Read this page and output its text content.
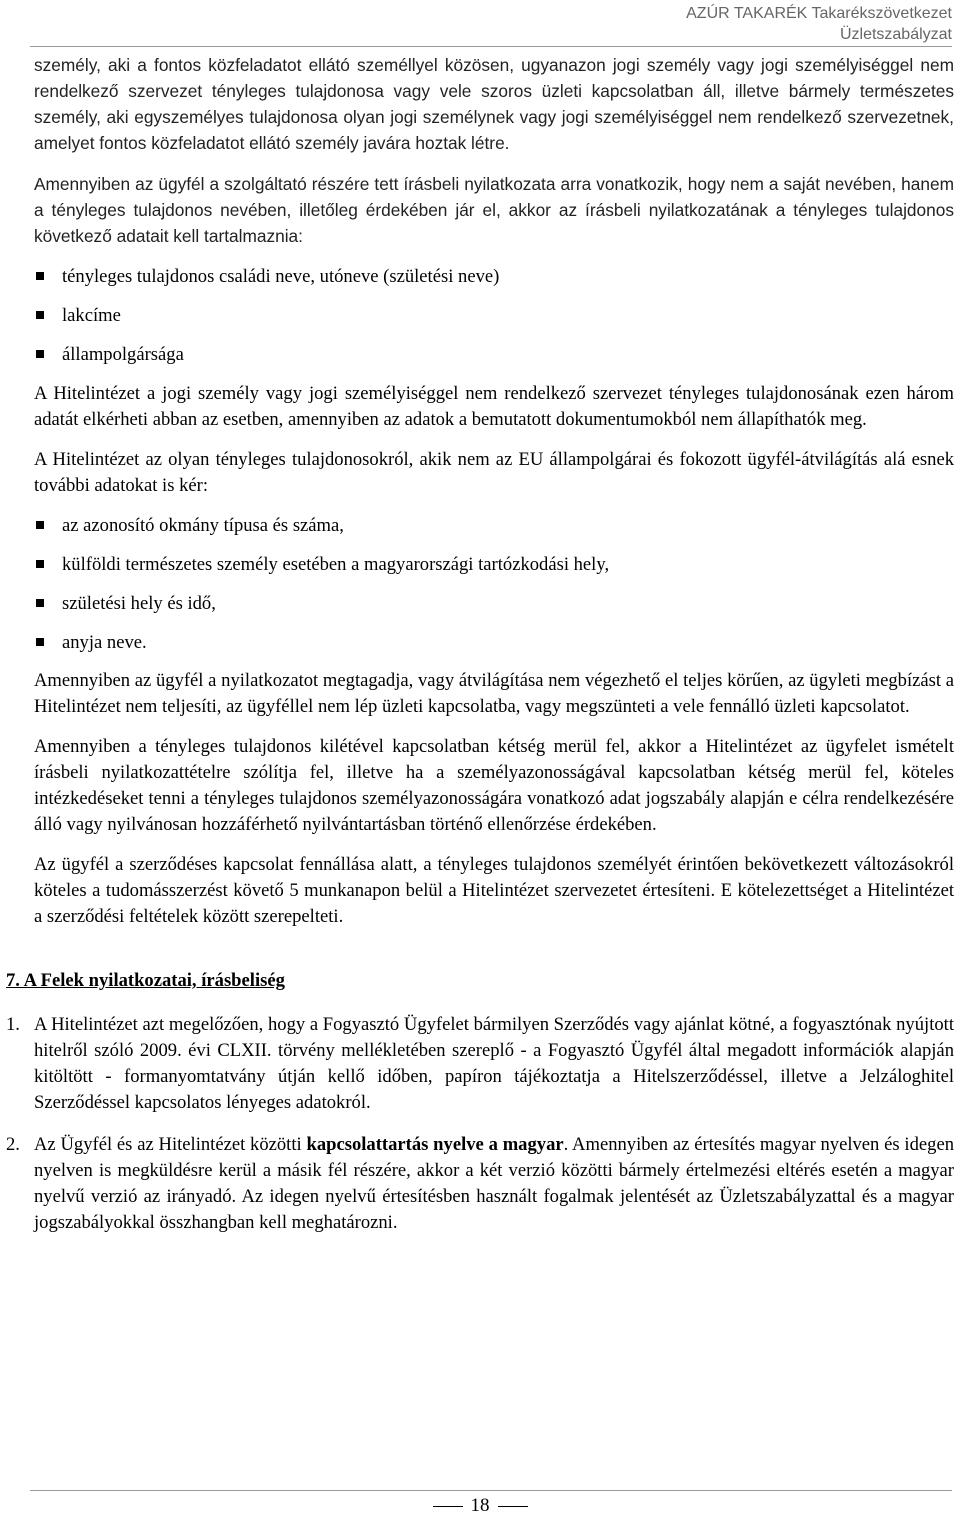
AZÚR TAKARÉK Takarékszövetkezet
Üzletszabályzat

személy, aki a fontos közfeladatot ellátó személlyel közösen, ugyanazon jogi személy vagy jogi személyiséggel nem rendelkező szervezet tényleges tulajdonosa vagy vele szoros üzleti kapcsolatban áll, illetve bármely természetes személy, aki egyszemélyes tulajdonosa olyan jogi személynek vagy jogi személyiséggel nem rendelkező szervezetnek, amelyet fontos közfeladatot ellátó személy javára hoztak létre.

Amennyiben az ügyfél a szolgáltató részére tett írásbeli nyilatkozata arra vonatkozik, hogy nem a saját nevében, hanem a tényleges tulajdonos nevében, illetőleg érdekében jár el, akkor az írásbeli nyilatkozatának a tényleges tulajdonos következő adatait kell tartalmaznia:

tényleges tulajdonos családi neve, utóneve (születési neve)
lakcíme
állampolgársága

A Hitelintézet a jogi személy vagy jogi személyiséggel nem rendelkező szervezet tényleges tulajdonosának ezen három adatát elkérheti abban az esetben, amennyiben az adatok a bemutatott dokumentumokból nem állapíthatók meg.

A Hitelintézet az olyan tényleges tulajdonosokról, akik nem az EU állampolgárai és fokozott ügyfél-átvilágítás alá esnek további adatokat is kér:

az azonosító okmány típusa és száma,
külföldi természetes személy esetében a magyarországi tartózkodási hely,
születési hely és idő,
anyja neve.

Amennyiben az ügyfél a nyilatkozatot megtagadja, vagy átvilágítása nem végezhető el teljes körűen, az ügyleti megbízást a Hitelintézet nem teljesíti, az ügyféllel nem lép üzleti kapcsolatba, vagy megszünteti a vele fennálló üzleti kapcsolatot.

Amennyiben a tényleges tulajdonos kilétével kapcsolatban kétség merül fel, akkor a Hitelintézet az ügyfelet ismételt írásbeli nyilatkozattételre szólítja fel, illetve ha a személyazonosságával kapcsolatban kétség merül fel, köteles intézkedéseket tenni a tényleges tulajdonos személyazonosságára vonatkozó adat jogszabály alapján e célra rendelkezésére álló vagy nyilvánosan hozzáférhető nyilvántartásban történő ellenőrzése érdekében.

Az ügyfél a szerződéses kapcsolat fennállása alatt, a tényleges tulajdonos személyét érintően bekövetkezett változásokról köteles a tudomásszerzést követő 5 munkanapon belül a Hitelintézet szervezetet értesíteni. E kötelezettséget a Hitelintézet a szerződési feltételek között szerepelteti.

7. A Felek nyilatkozatai, írásbeliség
1. A Hitelintézet azt megelőzően, hogy a Fogyasztó Ügyfelet bármilyen Szerződés vagy ajánlat kötné, a fogyasztónak nyújtott hitelről szóló 2009. évi CLXII. törvény mellékletében szereplő - a Fogyasztó Ügyfél által megadott információk alapján kitöltött - formanyomtatvány útján kellő időben, papíron tájékoztatja a Hitelszerződéssel, illetve a Jelzáloghitel Szerződéssel kapcsolatos lényeges adatokról.
2. Az Ügyfél és az Hitelintézet közötti kapcsolattartás nyelve a magyar. Amennyiben az értesítés magyar nyelven és idegen nyelven is megküldésre kerül a másik fél részére, akkor a két verzió közötti bármely értelmezési eltérés esetén a magyar nyelvű verzió az irányadó. Az idegen nyelvű értesítésben használt fogalmak jelentését az Üzletszabályzattal és a magyar jogszabályokkal összhangban kell meghatározni.
18
